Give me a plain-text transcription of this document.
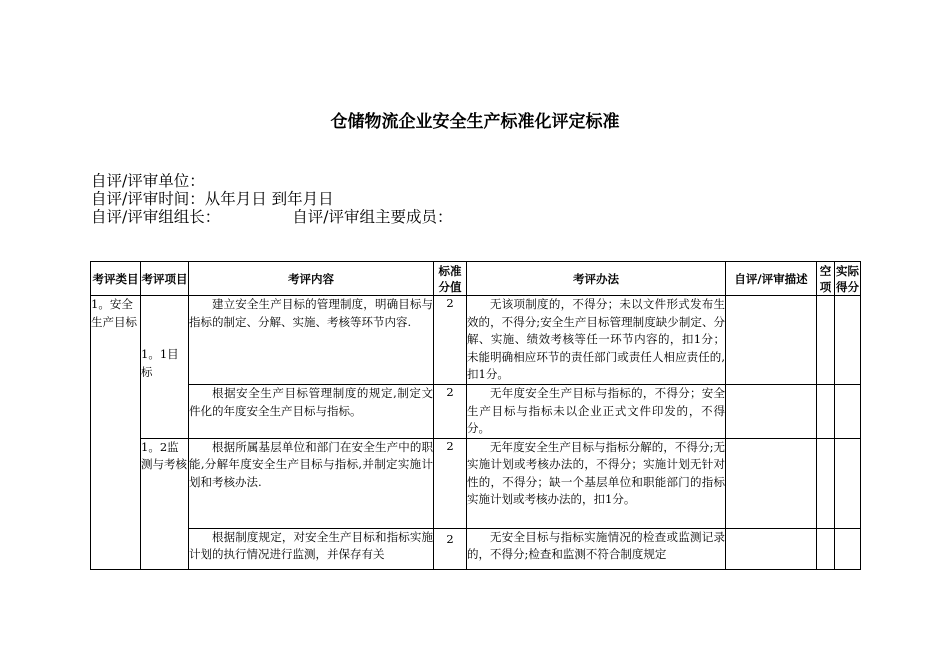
仓储物流企业安全生产标准化评定标准
自评/评审单位：
自评/评审时间：从年月日 到年月日
自评/评审组组长：	自评/评审组主要成员：
考评类目	考评项目	考评内容	标准分值	考评办法	自评/评审描述	空项	实际得分
1。安全生产目标	1。1目标	建立安全生产目标的管理制度，明确目标与指标的制定、分解、实施、考核等环节内容.	2	无该项制度的，不得分；未以文件形式发布生效的，不得分;安全生产目标管理制度缺少制定、分解、实施、绩效考核等任一环节内容的，扣1分；未能明确相应环节的责任部门或责任人相应责任的,扣1分。			
		根据安全生产目标管理制度的规定,制定文件化的年度安全生产目标与指标。	2	无年度安全生产目标与指标的，不得分；安全生产目标与指标未以企业正式文件印发的，不得分。			
	1。2监测与考核	根据所属基层单位和部门在安全生产中的职能,分解年度安全生产目标与指标,并制定实施计划和考核办法.	2	无年度安全生产目标与指标分解的，不得分;无实施计划或考核办法的，不得分；实施计划无针对性的，不得分；缺一个基层单位和职能部门的指标实施计划或考核办法的，扣1分。			

		根据制度规定，对安全生产目标和指标实施计划的执行情况进行监测，并保存有关	2	无安全目标与指标实施情况的检查或监测记录的，不得分;检查和监测不符合制度规定			
